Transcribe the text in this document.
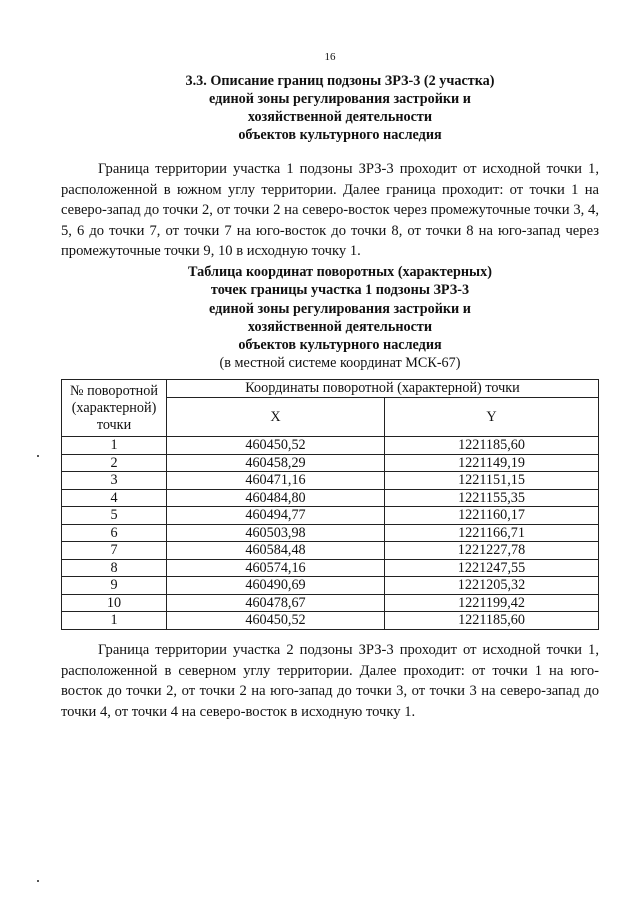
16
3.3. Описание границ подзоны ЗРЗ-3 (2 участка)
единой зоны регулирования застройки и
хозяйственной деятельности
объектов культурного наследия
Граница территории участка 1 подзоны ЗРЗ-3 проходит от исходной точки 1, расположенной в южном углу территории. Далее граница проходит: от точки 1 на северо-запад до точки 2, от точки 2 на северо-восток через промежуточные точки 3, 4, 5, 6 до точки 7, от точки 7 на юго-восток до точки 8, от точки 8 на юго-запад через промежуточные точки 9, 10 в исходную точку 1.
Таблица координат поворотных (характерных)
точек границы участка 1 подзоны ЗРЗ-3
единой зоны регулирования застройки и
хозяйственной деятельности
объектов культурного наследия
(в местной системе координат МСК-67)
№ поворотной
(характерной)
точки	Координаты поворотной (характерной) точки	
	X	Y
1	460450,52	1221185,60
2	460458,29	1221149,19
3	460471,16	1221151,15
4	460484,80	1221155,35
5	460494,77	1221160,17
6	460503,98	1221166,71
7	460584,48	1221227,78
8	460574,16	1221247,55
9	460490,69	1221205,32
10	460478,67	1221199,42
1	460450,52	1221185,60
Граница территории участка 2 подзоны ЗРЗ-3 проходит от исходной точки 1, расположенной в северном углу территории. Далее проходит: от точки 1 на юго-восток до точки 2, от точки 2 на юго-запад до точки 3, от точки 3 на северо-запад до точки 4, от точки 4 на северо-восток в исходную точку 1.
